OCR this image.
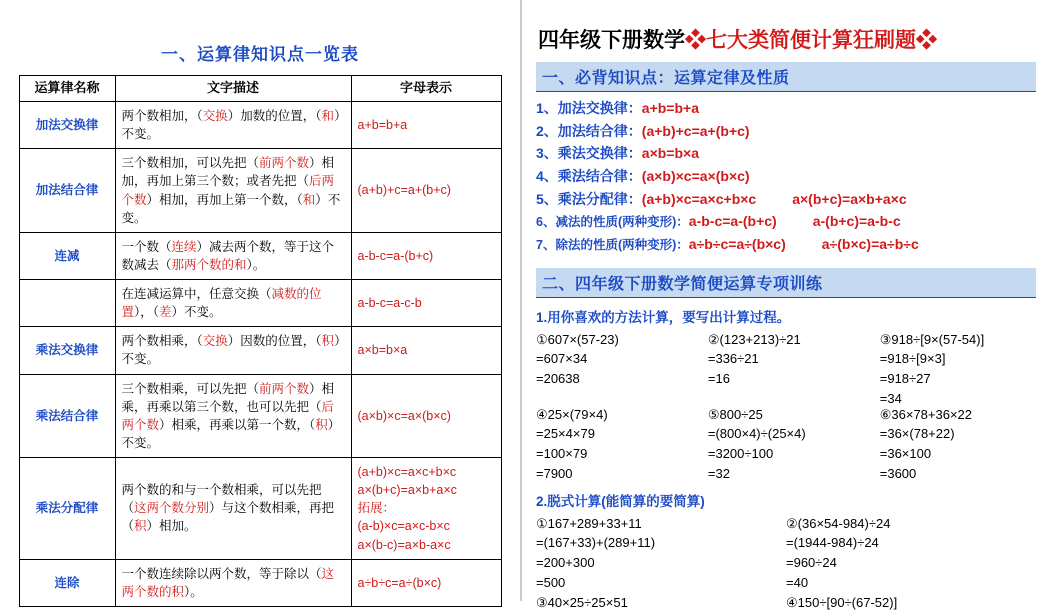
一、运算律知识点一览表
运算律名称	文字描述	字母表示
加法交换律	两个数相加，（交换）加数的位置，（和）不变。	a+b=b+a
加法结合律	三个数相加，可以先把（前两个数）相加，再加上第三个数；或者先把（后两个数）相加，再加上第一个数，（和）不变。	(a+b)+c=a+(b+c)
连减	一个数（连续）减去两个数，等于这个数减去（那两个数的和）。	a-b-c=a-(b+c)
	在连减运算中，任意交换（减数的位置），（差）不变。	a-b-c=a-c-b
乘法交换律	两个数相乘，（交换）因数的位置，（积）不变。	a×b=b×a
乘法结合律	三个数相乘，可以先把（前两个数）相乘，再乘以第三个数，也可以先把（后两个数）相乘，再乘以第一个数，（积）不变。	(a×b)×c=a×(b×c)
乘法分配律	两个数的和与一个数相乘，可以先把（这两个数分别）与这个数相乘，再把（积）相加。	(a+b)×c=a×c+b×c
a×(b+c)=a×b+a×c
拓展：
(a-b)×c=a×c-b×c
a×(b-c)=a×b-a×c

连除	一个数连续除以两个数，等于除以（这两个数的积）。	a÷b÷c=a÷(b×c)
四年级下册数学❖七大类简便计算狂刷题❖
一、必背知识点：运算定律及性质
1、加法交换律：a+b=b+a
2、加法结合律：(a+b)+c=a+(b+c)
3、乘法交换律：a×b=b×a
4、乘法结合律：(a×b)×c=a×(b×c)
5、乘法分配律：(a+b)×c=a×c+b×c	a×(b+c)=a×b+a×c
6、减法的性质(两种变形)：a-b-c=a-(b+c)	a-(b+c)=a-b-c
7、除法的性质(两种变形)：a÷b÷c=a÷(b×c)	a÷(b×c)=a÷b÷c
二、四年级下册数学简便运算专项训练
1.用你喜欢的方法计算，要写出计算过程。
①607×(57-23)
=607×34
=20638
②(123+213)÷21
=336÷21
=16
③918÷[9×(57-54)]
=918÷[9×3]
=918÷27
=34
④25×(79×4)
=25×4×79
=100×79
=7900
⑤800÷25
=(800×4)÷(25×4)
=3200÷100
=32
⑥36×78+36×22
=36×(78+22)
=36×100
=3600
2.脱式计算(能简算的要简算)
①167+289+33+11
=(167+33)+(289+11)
=200+300
=500
②(36×54-984)÷24
=(1944-984)÷24
=960÷24
=40
③40×25÷25×51	④150÷[90÷(67-52)]
